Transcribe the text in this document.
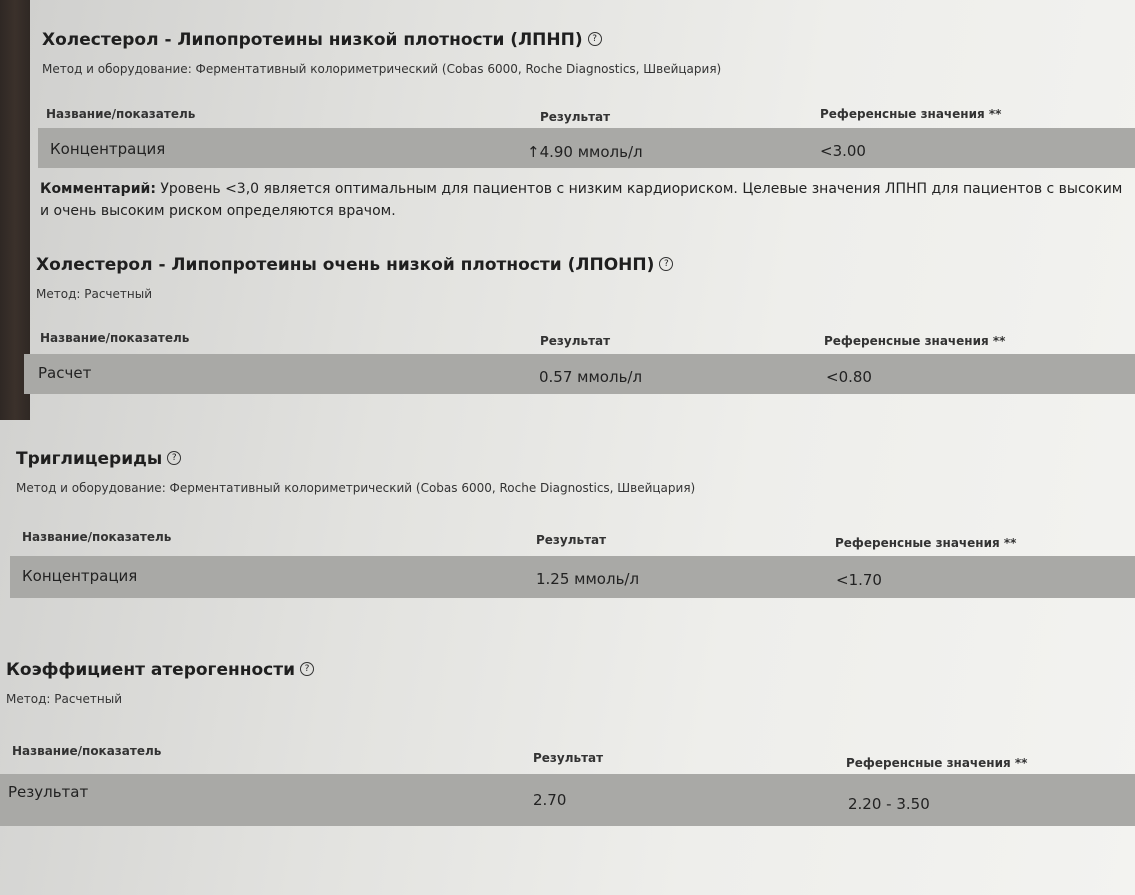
Холестерол - Липопротеины низкой плотности (ЛПНП) ?
Метод и оборудование: Ферментативный колориметрический (Cobas 6000, Roche Diagnostics, Швейцария)
Название/показатель	Результат	Референсные значения **
Концентрация	↑4.90 ммоль/л	<3.00
Комментарий: Уровень <3,0 является оптимальным для пациентов с низким кардиориском. Целевые значения ЛПНП для пациентов с высоким и очень высоким риском определяются врачом.
Холестерол - Липопротеины очень низкой плотности (ЛПОНП) ?
Метод: Расчетный
Название/показатель	Результат	Референсные значения **
Расчет	0.57 ммоль/л	<0.80
Триглицериды ?
Метод и оборудование: Ферментативный колориметрический (Cobas 6000, Roche Diagnostics, Швейцария)
Название/показатель	Результат	Референсные значения **
Концентрация	1.25 ммоль/л	<1.70
Коэффициент атерогенности ?
Метод: Расчетный
Название/показатель	Результат	Референсные значения **
Результат	2.70	2.20 - 3.50
